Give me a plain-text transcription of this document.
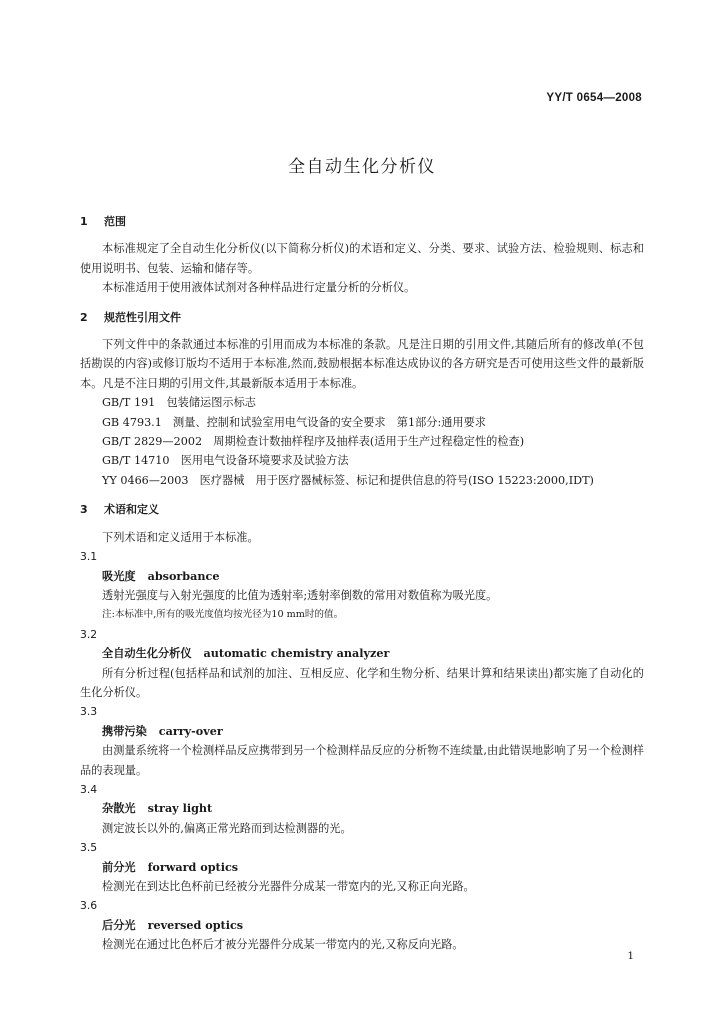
YY/T 0654—2008
全自动生化分析仪
1 范围

本标准规定了全自动生化分析仪(以下简称分析仪)的术语和定义、分类、要求、试验方法、检验规则、标志和使用说明书、包装、运输和储存等。

本标准适用于使用液体试剂对各种样品进行定量分析的分析仪。

2 规范性引用文件

下列文件中的条款通过本标准的引用而成为本标准的条款。凡是注日期的引用文件,其随后所有的修改单(不包括勘误的内容)或修订版均不适用于本标准,然而,鼓励根据本标准达成协议的各方研究是否可使用这些文件的最新版本。凡是不注日期的引用文件,其最新版本适用于本标准。

GB/T 191　包装储运图示标志

GB 4793.1　测量、控制和试验室用电气设备的安全要求　第1部分:通用要求

GB/T 2829—2002　周期检查计数抽样程序及抽样表(适用于生产过程稳定性的检查)

GB/T 14710　医用电气设备环境要求及试验方法

YY 0466—2003　医疗器械　用于医疗器械标签、标记和提供信息的符号(ISO 15223:2000,IDT)

3 术语和定义

下列术语和定义适用于本标准。

3.1

吸光度 absorbance

透射光强度与入射光强度的比值为透射率;透射率倒数的常用对数值称为吸光度。

注:本标准中,所有的吸光度值均按光径为10 mm时的值。

3.2

全自动生化分析仪 automatic chemistry analyzer

所有分析过程(包括样品和试剂的加注、互相反应、化学和生物分析、结果计算和结果读出)都实施了自动化的生化分析仪。

3.3

携带污染 carry-over

由测量系统将一个检测样品反应携带到另一个检测样品反应的分析物不连续量,由此错误地影响了另一个检测样品的表现量。

3.4

杂散光 stray light

测定波长以外的,偏离正常光路而到达检测器的光。

3.5

前分光 forward optics

检测光在到达比色杯前已经被分光器件分成某一带宽内的光,又称正向光路。

3.6

后分光 reversed optics

检测光在通过比色杯后才被分光器件分成某一带宽内的光,又称反向光路。

1
